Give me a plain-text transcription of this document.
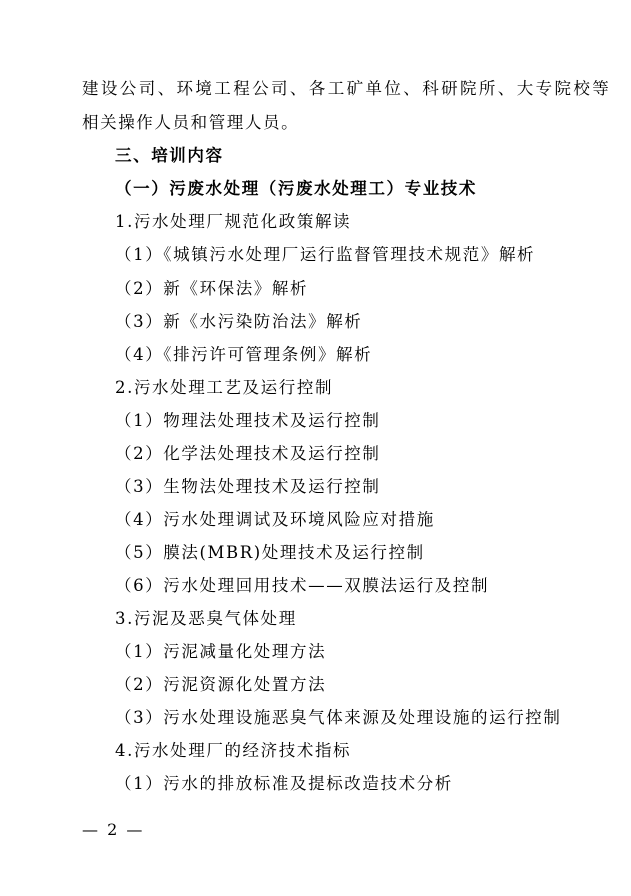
建设公司、环境工程公司、各工矿单位、科研院所、大专院校等
相关操作人员和管理人员。
三、培训内容
（一）污废水处理（污废水处理工）专业技术
1.污水处理厂规范化政策解读
（1）《城镇污水处理厂运行监督管理技术规范》解析
（2）新《环保法》解析
（3）新《水污染防治法》解析
（4）《排污许可管理条例》解析
2.污水处理工艺及运行控制
（1）物理法处理技术及运行控制
（2）化学法处理技术及运行控制
（3）生物法处理技术及运行控制
（4）污水处理调试及环境风险应对措施
（5）膜法(MBR)处理技术及运行控制
（6）污水处理回用技术——双膜法运行及控制
3.污泥及恶臭气体处理
（1）污泥减量化处理方法
（2）污泥资源化处置方法
（3）污水处理设施恶臭气体来源及处理设施的运行控制
4.污水处理厂的经济技术指标
（1）污水的排放标准及提标改造技术分析
— 2 —
